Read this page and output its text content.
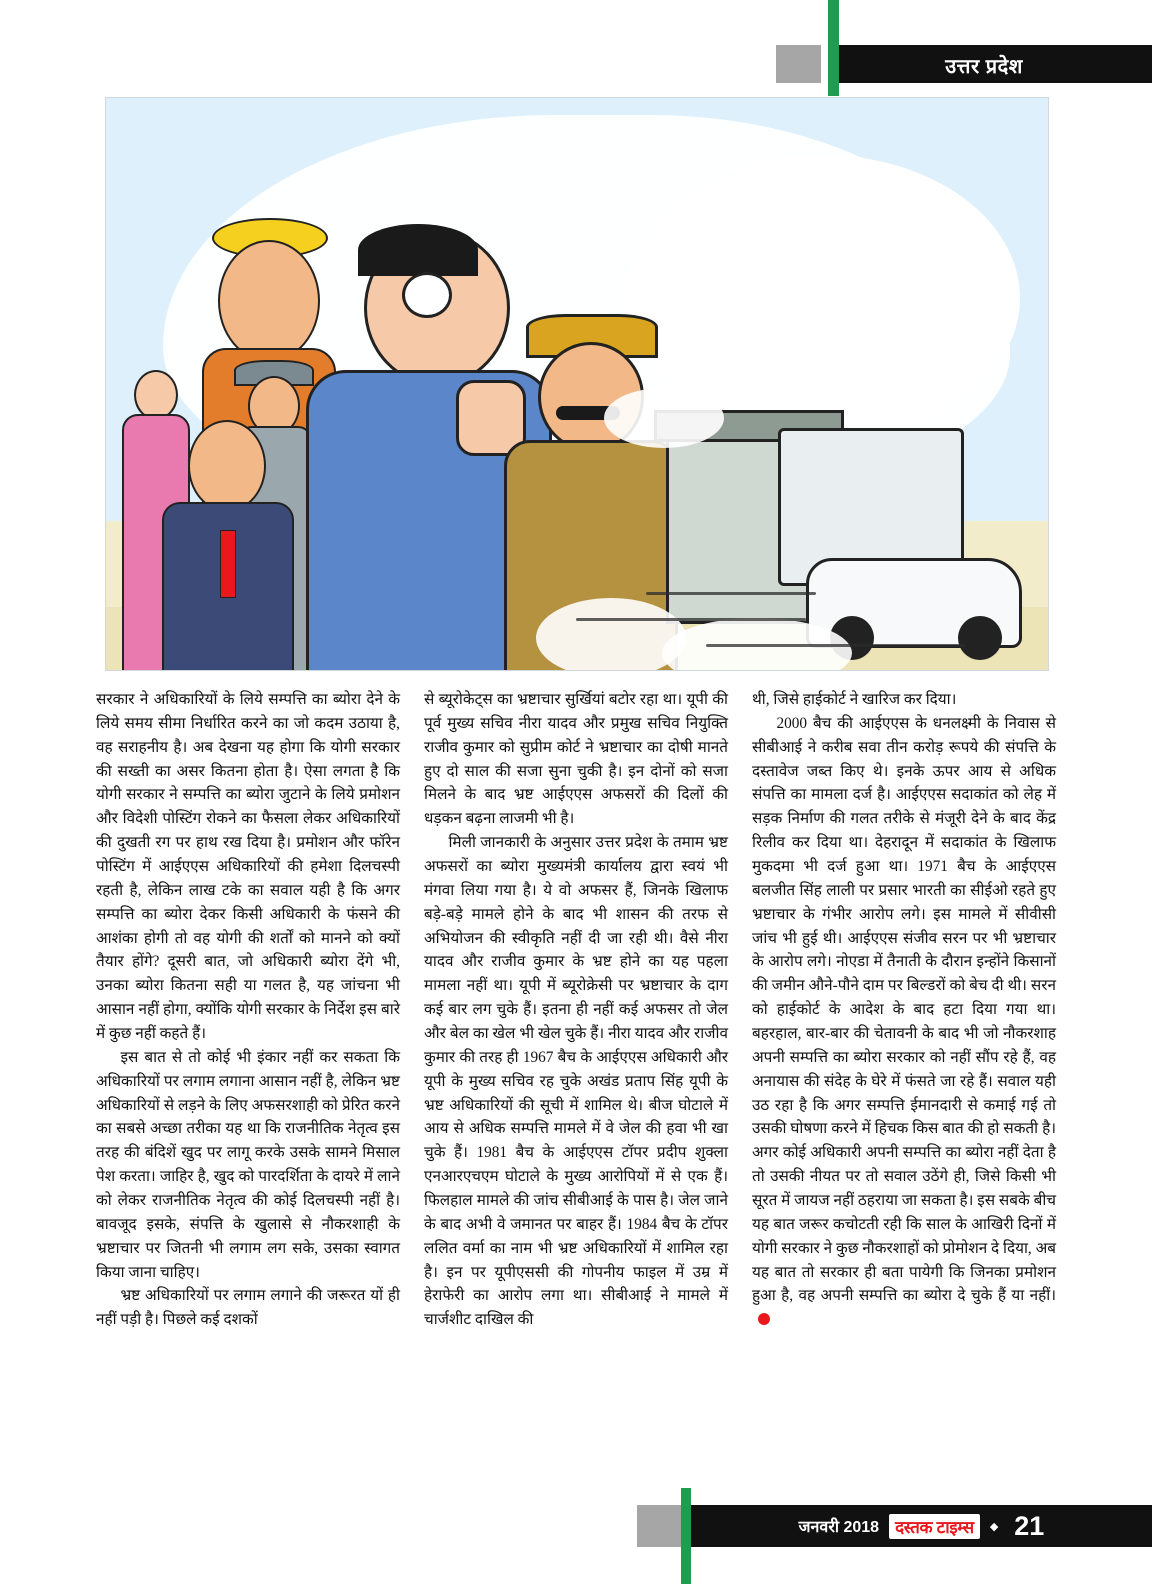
उत्तर प्रदेश

सरकार ने अधिकारियों के लिये सम्पत्ति का ब्योरा देने के लिये समय सीमा निर्धारित करने का जो कदम उठाया है, वह सराहनीय है। अब देखना यह होगा कि योगी सरकार की सख्ती का असर कितना होता है। ऐसा लगता है कि योगी सरकार ने सम्पत्ति का ब्योरा जुटाने के लिये प्रमोशन और विदेशी पोस्टिंग रोकने का फैसला लेकर अधिकारियों की दुखती रग पर हाथ रख दिया है। प्रमोशन और फॉरेन पोस्टिंग में आईएएस अधिकारियों की हमेशा दिलचस्पी रहती है, लेकिन लाख टके का सवाल यही है कि अगर सम्पत्ति का ब्योरा देकर किसी अधिकारी के फंसने की आशंका होगी तो वह योगी की शर्तों को मानने को क्यों तैयार होंगे? दूसरी बात, जो अधिकारी ब्योरा देंगे भी, उनका ब्योरा कितना सही या गलत है, यह जांचना भी आसान नहीं होगा, क्योंकि योगी सरकार के निर्देश इस बारे में कुछ नहीं कहते हैं।

इस बात से तो कोई भी इंकार नहीं कर सकता कि अधिकारियों पर लगाम लगाना आसान नहीं है, लेकिन भ्रष्ट अधिकारियों से लड़ने के लिए अफसरशाही को प्रेरित करने का सबसे अच्छा तरीका यह था कि राजनीतिक नेतृत्व इस तरह की बंदिशें खुद पर लागू करके उसके सामने मिसाल पेश करता। जाहिर है, खुद को पारदर्शिता के दायरे में लाने को लेकर राजनीतिक नेतृत्व की कोई दिलचस्पी नहीं है। बावजूद इसके, संपत्ति के खुलासे से नौकरशाही के भ्रष्टाचार पर जितनी भी लगाम लग सके, उसका स्वागत किया जाना चाहिए।

भ्रष्ट अधिकारियों पर लगाम लगाने की जरूरत यों ही नहीं पड़ी है। पिछले कई दशकों

से ब्यूरोकेट्स का भ्रष्टाचार सुर्खियां बटोर रहा था। यूपी की पूर्व मुख्य सचिव नीरा यादव और प्रमुख सचिव नियुक्ति राजीव कुमार को सुप्रीम कोर्ट ने भ्रष्टाचार का दोषी मानते हुए दो साल की सजा सुना चुकी है। इन दोनों को सजा मिलने के बाद भ्रष्ट आईएएस अफसरों की दिलों की धड़कन बढ़ना लाजमी भी है।

मिली जानकारी के अनुसार उत्तर प्रदेश के तमाम भ्रष्ट अफसरों का ब्योरा मुख्यमंत्री कार्यालय द्वारा स्वयं भी मंगवा लिया गया है। ये वो अफसर हैं, जिनके खिलाफ बड़े-बड़े मामले होने के बाद भी शासन की तरफ से अभियोजन की स्वीकृति नहीं दी जा रही थी। वैसे नीरा यादव और राजीव कुमार के भ्रष्ट होने का यह पहला मामला नहीं था। यूपी में ब्यूरोक्रेसी पर भ्रष्टाचार के दाग कई बार लग चुके हैं। इतना ही नहीं कई अफसर तो जेल और बेल का खेल भी खेल चुके हैं। नीरा यादव और राजीव कुमार की तरह ही 1967 बैच के आईएएस अधिकारी और यूपी के मुख्य सचिव रह चुके अखंड प्रताप सिंह यूपी के भ्रष्ट अधिकारियों की सूची में शामिल थे। बीज घोटाले में आय से अधिक सम्पत्ति मामले में वे जेल की हवा भी खा चुके हैं। 1981 बैच के आईएएस टॉपर प्रदीप शुक्ला एनआरएचएम घोटाले के मुख्य आरोपियों में से एक हैं। फिलहाल मामले की जांच सीबीआई के पास है। जेल जाने के बाद अभी वे जमानत पर बाहर हैं। 1984 बैच के टॉपर ललित वर्मा का नाम भी भ्रष्ट अधिकारियों में शामिल रहा है। इन पर यूपीएससी की गोपनीय फाइल में उम्र में हेराफेरी का आरोप लगा था। सीबीआई ने मामले में चार्जशीट दाखिल की

थी, जिसे हाईकोर्ट ने खारिज कर दिया।

2000 बैच की आईएएस के धनलक्ष्मी के निवास से सीबीआई ने करीब सवा तीन करोड़ रूपये की संपत्ति के दस्तावेज जब्त किए थे। इनके ऊपर आय से अधिक संपत्ति का मामला दर्ज है। आईएएस सदाकांत को लेह में सड़क निर्माण की गलत तरीके से मंजूरी देने के बाद केंद्र रिलीव कर दिया था। देहरादून में सदाकांत के खिलाफ मुकदमा भी दर्ज हुआ था। 1971 बैच के आईएएस बलजीत सिंह लाली पर प्रसार भारती का सीईओ रहते हुए भ्रष्टाचार के गंभीर आरोप लगे। इस मामले में सीवीसी जांच भी हुई थी। आईएएस संजीव सरन पर भी भ्रष्टाचार के आरोप लगे। नोएडा में तैनाती के दौरान इन्होंने किसानों की जमीन औने-पौने दाम पर बिल्डरों को बेच दी थी। सरन को हाईकोर्ट के आदेश के बाद हटा दिया गया था। बहरहाल, बार-बार की चेतावनी के बाद भी जो नौकरशाह अपनी सम्पत्ति का ब्योरा सरकार को नहीं सौंप रहे हैं, वह अनायास की संदेह के घेरे में फंसते जा रहे हैं। सवाल यही उठ रहा है कि अगर सम्पत्ति ईमानदारी से कमाई गई तो उसकी घोषणा करने में हिचक किस बात की हो सकती है। अगर कोई अधिकारी अपनी सम्पत्ति का ब्योरा नहीं देता है तो उसकी नीयत पर तो सवाल उठेंगे ही, जिसे किसी भी सूरत में जायज नहीं ठहराया जा सकता है। इस सबके बीच यह बात जरूर कचोटती रही कि साल के आखिरी दिनों में योगी सरकार ने कुछ नौकरशाहों को प्रोमोशन दे दिया, अब यह बात तो सरकार ही बता पायेगी कि जिनका प्रमोशन हुआ है, वह अपनी सम्पत्ति का ब्योरा दे चुके हैं या नहीं।

जनवरी 2018 दस्तक टाइम्स	◆ 21
